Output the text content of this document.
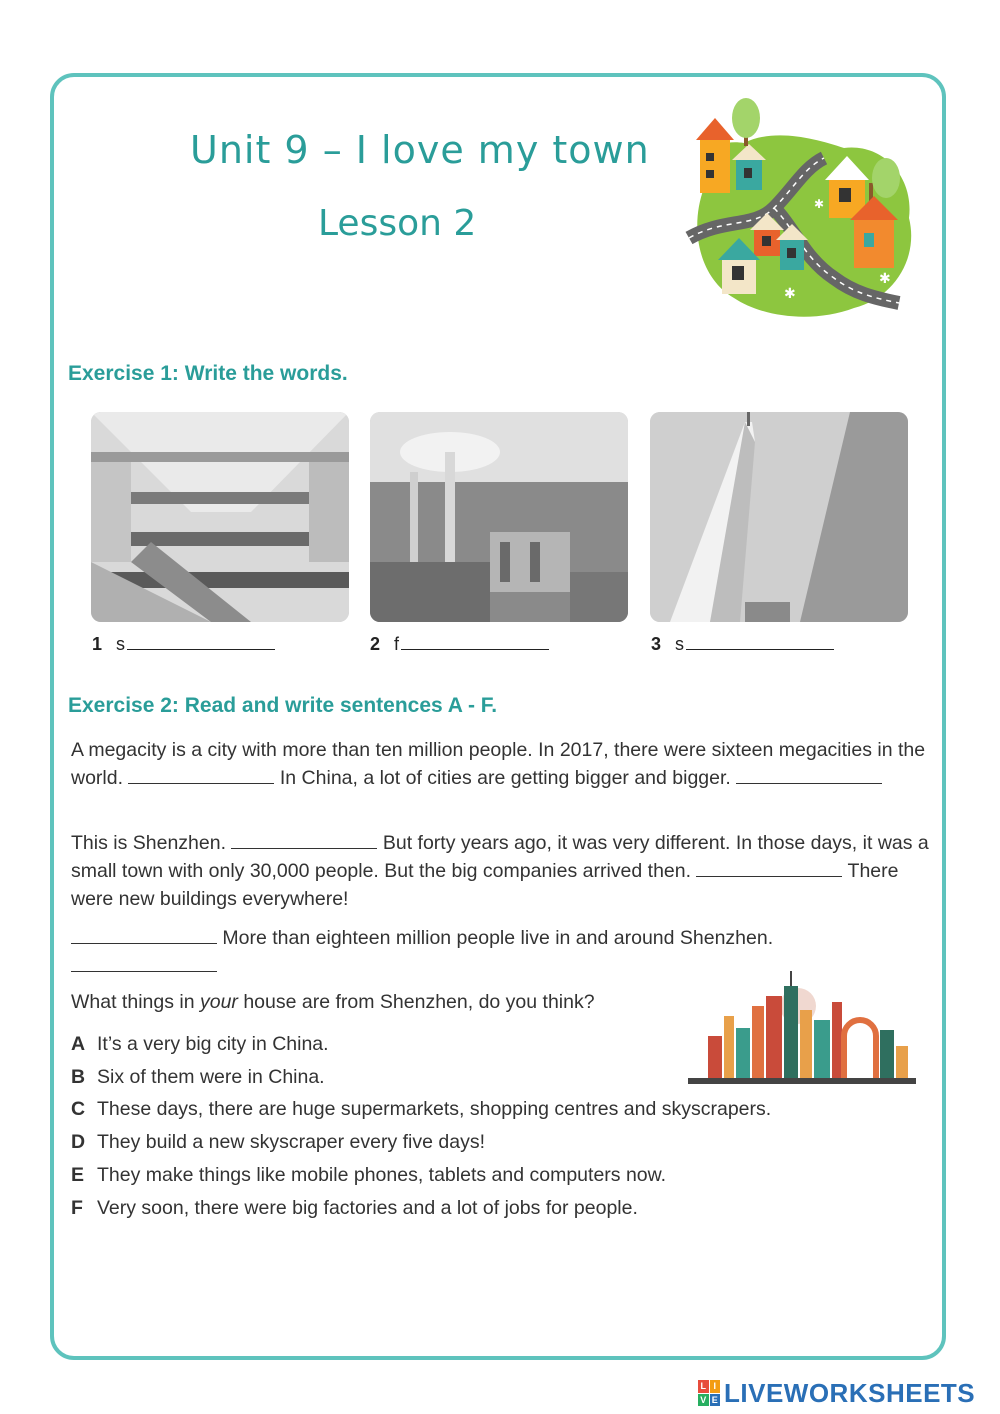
Unit 9 – I love my town
Lesson 2
✱
✱
✱
Exercise 1: Write the words.
1 s	2 f	3 s
Exercise 2: Read and write sentences A - F.

A megacity is a city with more than ten million people. In 2017, there were sixteen megacities in the world.	In China, a lot of cities are getting bigger and bigger.

This is Shenzhen.	But forty years ago, it was very different. In those days, it was a small town with only 30,000 people. But the big companies arrived then.	There were new buildings everywhere!

More than eighteen million people live in and around Shenzhen.

What things in your house are from Shenzhen, do you think?

A It’s a very big city in China.
B Six of them were in China.
C These days, there are huge supermarkets, shopping centres and skyscrapers.
D They build a new skyscraper every five days!
E They make things like mobile phones, tablets and computers now.
F Very soon, there were big factories and a lot of jobs for people.
L I
V E LIVEWORKSHEETS
